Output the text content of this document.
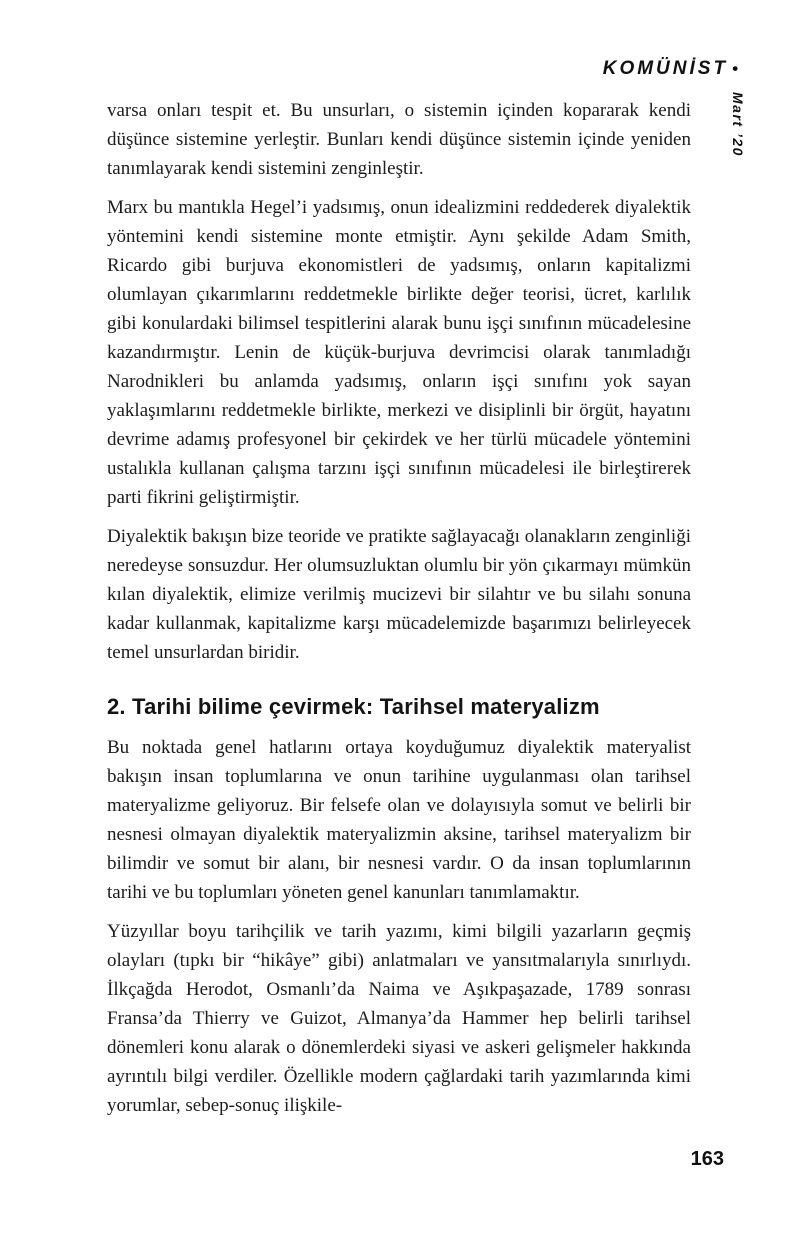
KOMÜNİST •
Mart ’20

varsa onları tespit et. Bu unsurları, o sistemin içinden kopararak kendi düşünce sistemine yerleştir. Bunları kendi düşünce sistemin içinde yeniden tanımlayarak kendi sistemini zenginleştir.

Marx bu mantıkla Hegel’i yadsımış, onun idealizmini reddederek diyalektik yöntemini kendi sistemine monte etmiştir. Aynı şekilde Adam Smith, Ricardo gibi burjuva ekonomistleri de yadsımış, onların kapitalizmi olumlayan çıkarımlarını reddetmekle birlikte değer teorisi, ücret, karlılık gibi konulardaki bilimsel tespitlerini alarak bunu işçi sınıfının mücadelesine kazandırmıştır. Lenin de küçük-burjuva devrimcisi olarak tanımladığı Narodnikleri bu anlamda yadsımış, onların işçi sınıfını yok sayan yaklaşımlarını reddetmekle birlikte, merkezi ve disiplinli bir örgüt, hayatını devrime adamış profesyonel bir çekirdek ve her türlü mücadele yöntemini ustalıkla kullanan çalışma tarzını işçi sınıfının mücadelesi ile birleştirerek parti fikrini geliştirmiştir.

Diyalektik bakışın bize teoride ve pratikte sağlayacağı olanakların zenginliği neredeyse sonsuzdur. Her olumsuzluktan olumlu bir yön çıkarmayı mümkün kılan diyalektik, elimize verilmiş mucizevi bir silahtır ve bu silahı sonuna kadar kullanmak, kapitalizme karşı mücadelemizde başarımızı belirleyecek temel unsurlardan biridir.

2. Tarihi bilime çevirmek: Tarihsel materyalizm

Bu noktada genel hatlarını ortaya koyduğumuz diyalektik materyalist bakışın insan toplumlarına ve onun tarihine uygulanması olan tarihsel materyalizme geliyoruz. Bir felsefe olan ve dolayısıyla somut ve belirli bir nesnesi olmayan diyalektik materyalizmin aksine, tarihsel materyalizm bir bilimdir ve somut bir alanı, bir nesnesi vardır. O da insan toplumlarının tarihi ve bu toplumları yöneten genel kanunları tanımlamaktır.

Yüzyıllar boyu tarihçilik ve tarih yazımı, kimi bilgili yazarların geçmiş olayları (tıpkı bir “hikâye” gibi) anlatmaları ve yansıtmalarıyla sınırlıydı. İlkçağda Herodot, Osmanlı’da Naima ve Aşıkpaşazade, 1789 sonrası Fransa’da Thierry ve Guizot, Almanya’da Hammer hep belirli tarihsel dönemleri konu alarak o dönemlerdeki siyasi ve askeri gelişmeler hakkında ayrıntılı bilgi verdiler. Özellikle modern çağlardaki tarih yazımlarında kimi yorumlar, sebep-sonuç ilişkile-

163
